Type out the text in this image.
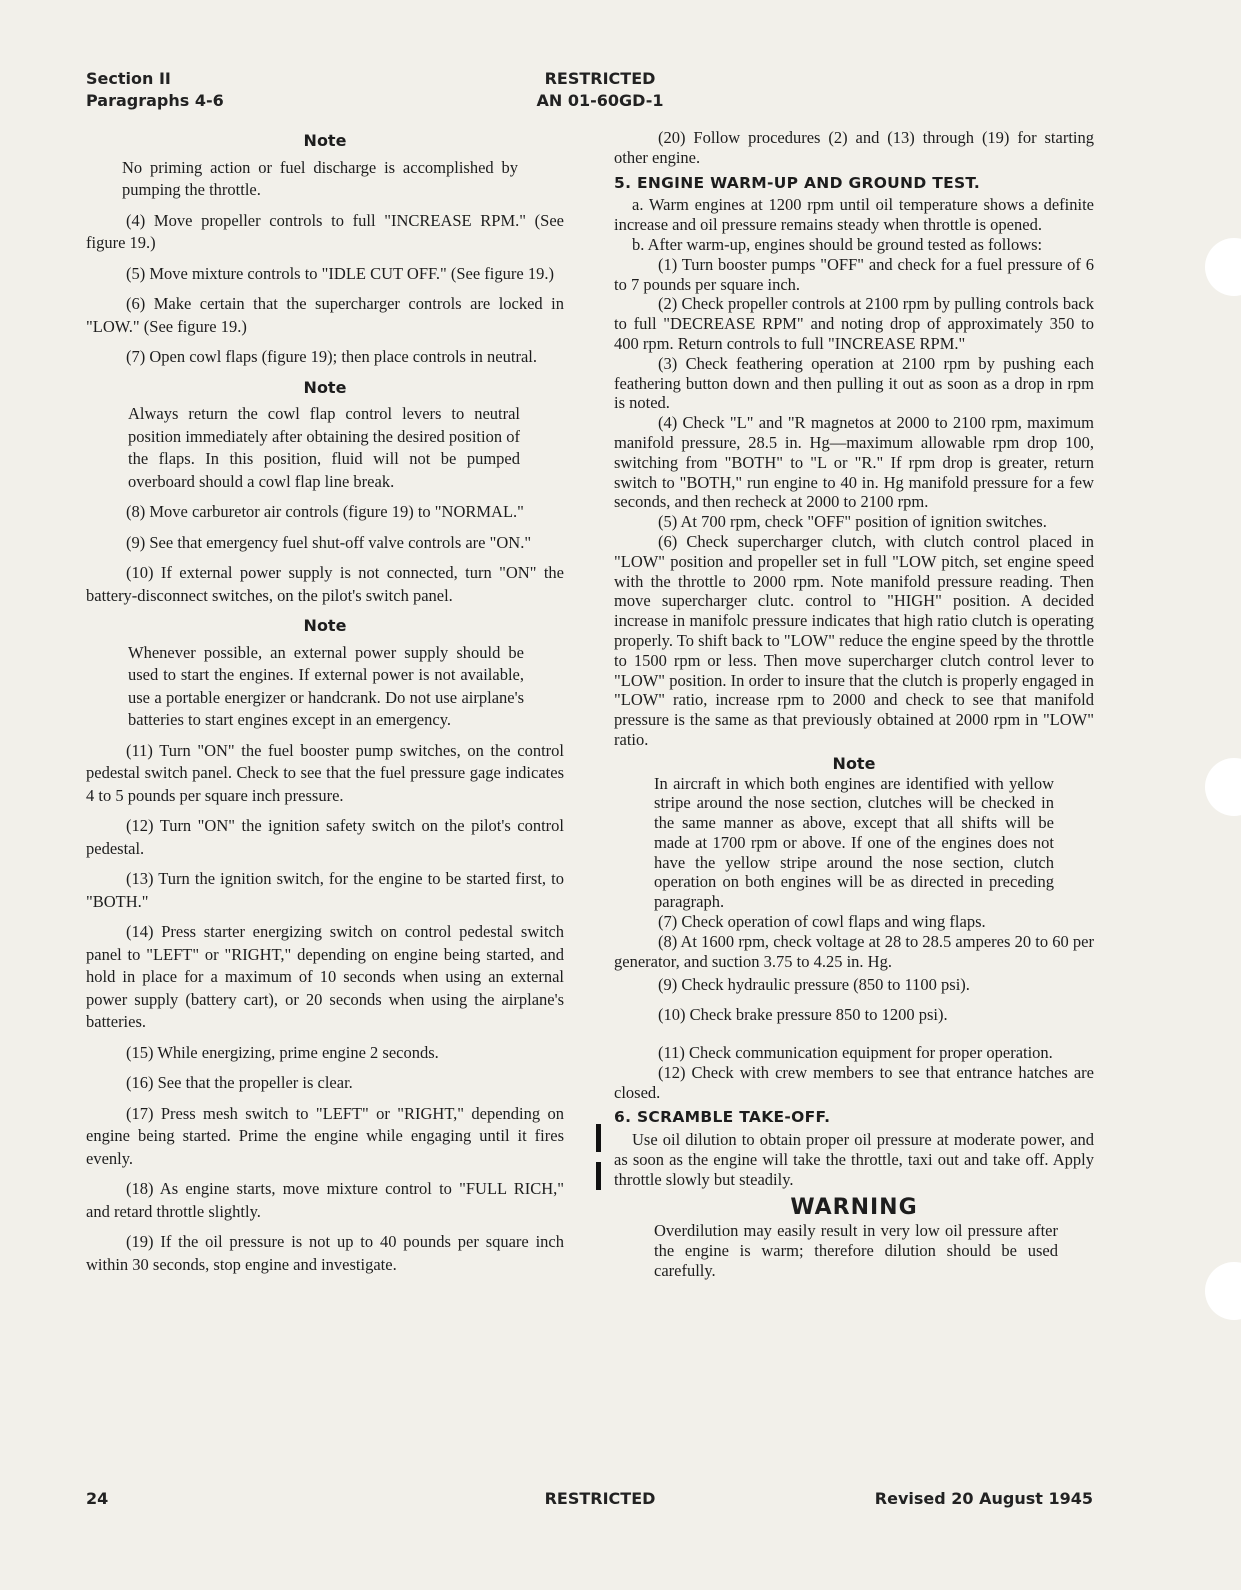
Section II
Paragraphs 4-6
RESTRICTED
AN 01-60GD-1
Note

No priming action or fuel discharge is accomplished by pumping the throttle.

(4) Move propeller controls to full "INCREASE RPM." (See figure 19.)

(5) Move mixture controls to "IDLE CUT OFF." (See figure 19.)

(6) Make certain that the supercharger controls are locked in "LOW." (See figure 19.)

(7) Open cowl flaps (figure 19); then place controls in neutral.

Note

Always return the cowl flap control levers to neutral position immediately after obtaining the desired position of the flaps. In this position, fluid will not be pumped overboard should a cowl flap line break.

(8) Move carburetor air controls (figure 19) to "NORMAL."

(9) See that emergency fuel shut-off valve controls are "ON."

(10) If external power supply is not connected, turn "ON" the battery-disconnect switches, on the pilot's switch panel.

Note

Whenever possible, an external power supply should be used to start the engines. If external power is not available, use a portable energizer or handcrank. Do not use airplane's batteries to start engines except in an emergency.

(11) Turn "ON" the fuel booster pump switches, on the control pedestal switch panel. Check to see that the fuel pressure gage indicates 4 to 5 pounds per square inch pressure.

(12) Turn "ON" the ignition safety switch on the pilot's control pedestal.

(13) Turn the ignition switch, for the engine to be started first, to "BOTH."

(14) Press starter energizing switch on control pedestal switch panel to "LEFT" or "RIGHT," depending on engine being started, and hold in place for a maximum of 10 seconds when using an external power supply (battery cart), or 20 seconds when using the airplane's batteries.

(15) While energizing, prime engine 2 seconds.

(16) See that the propeller is clear.

(17) Press mesh switch to "LEFT" or "RIGHT," depending on engine being started. Prime the engine while engaging until it fires evenly.

(18) As engine starts, move mixture control to "FULL RICH," and retard throttle slightly.

(19) If the oil pressure is not up to 40 pounds per square inch within 30 seconds, stop engine and investigate.

(20) Follow procedures (2) and (13) through (19) for starting other engine.

5. ENGINE WARM-UP AND GROUND TEST.

a. Warm engines at 1200 rpm until oil temperature shows a definite increase and oil pressure remains steady when throttle is opened.

b. After warm-up, engines should be ground tested as follows:

(1) Turn booster pumps "OFF" and check for a fuel pressure of 6 to 7 pounds per square inch.

(2) Check propeller controls at 2100 rpm by pulling controls back to full "DECREASE RPM" and noting drop of approximately 350 to 400 rpm. Return controls to full "INCREASE RPM."

(3) Check feathering operation at 2100 rpm by pushing each feathering button down and then pulling it out as soon as a drop in rpm is noted.

(4) Check "L" and "R magnetos at 2000 to 2100 rpm, maximum manifold pressure, 28.5 in. Hg—maximum allowable rpm drop 100, switching from "BOTH" to "L or "R." If rpm drop is greater, return switch to "BOTH," run engine to 40 in. Hg manifold pressure for a few seconds, and then recheck at 2000 to 2100 rpm.

(5) At 700 rpm, check "OFF" position of ignition switches.

(6) Check supercharger clutch, with clutch control placed in "LOW" position and propeller set in full "LOW pitch, set engine speed with the throttle to 2000 rpm. Note manifold pressure reading. Then move supercharger clutc. control to "HIGH" position. A decided increase in manifolc pressure indicates that high ratio clutch is operating properly. To shift back to "LOW" reduce the engine speed by the throttle to 1500 rpm or less. Then move supercharger clutch control lever to "LOW" position. In order to insure that the clutch is properly engaged in "LOW" ratio, increase rpm to 2000 and check to see that manifold pressure is the same as that previously obtained at 2000 rpm in "LOW" ratio.

Note

In aircraft in which both engines are identified with yellow stripe around the nose section, clutches will be checked in the same manner as above, except that all shifts will be made at 1700 rpm or above. If one of the engines does not have the yellow stripe around the nose section, clutch operation on both engines will be as directed in preceding paragraph.

(7) Check operation of cowl flaps and wing flaps.

(8) At 1600 rpm, check voltage at 28 to 28.5 amperes 20 to 60 per generator, and suction 3.75 to 4.25 in. Hg.

(9) Check hydraulic pressure (850 to 1100 psi).

(10) Check brake pressure 850 to 1200 psi).

(11) Check communication equipment for proper operation.

(12) Check with crew members to see that entrance hatches are closed.

6. SCRAMBLE TAKE-OFF.

Use oil dilution to obtain proper oil pressure at moderate power, and as soon as the engine will take the throttle, taxi out and take off. Apply throttle slowly but steadily.

WARNING

Overdilution may easily result in very low oil pressure after the engine is warm; therefore dilution should be used carefully.

24	RESTRICTED	Revised 20 August 1945
